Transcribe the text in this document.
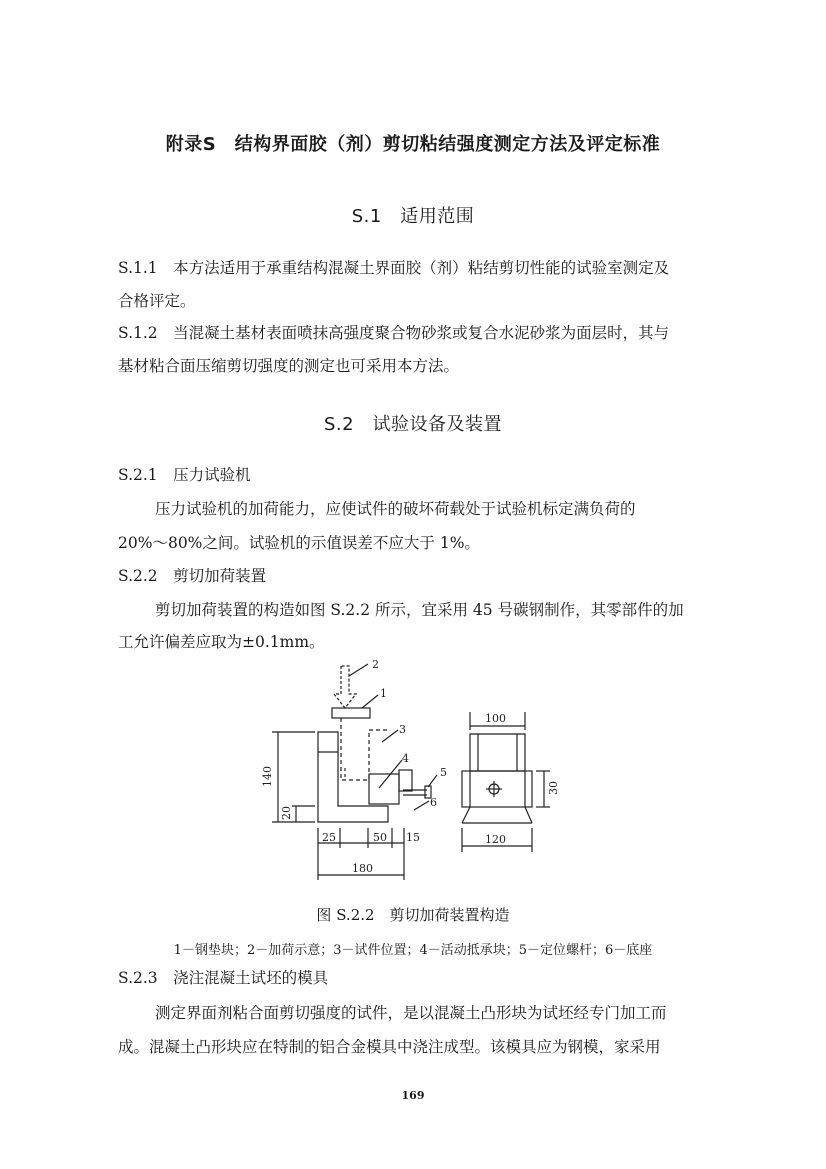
附录S　结构界面胶（剂）剪切粘结强度测定方法及评定标准
S.1　适用范围
S.1.1　 本方法适用于承重结构混凝土界面胶（剂）粘结剪切性能的试验室测定及
合格评定。
S.1.2　 当混凝土基材表面喷抹高强度聚合物砂浆或复合水泥砂浆为面层时，其与
基材粘合面压缩剪切强度的测定也可采用本方法。
S.2　试验设备及装置
S.2.1　 压力试验机
压力试验机的加荷能力，应使试件的破坏荷载处于试验机标定满负荷的
20%～80%之间。试验机的示值误差不应大于 1%。
S.2.2　 剪切加荷装置
剪切加荷装置的构造如图 S.2.2 所示，宜采用 45 号碳钢制作，其零部件的加
工允许偏差应取为±0.1mm。
2
1
3
4
5
6
140
20
25	50 15
180
100
120
30
图 S.2.2　剪切加荷装置构造
1－钢垫块；2－加荷示意；3－试件位置；4－活动抵承块；5－定位螺杆；6－底座
S.2.3　 浇注混凝土试坯的模具
测定界面剂粘合面剪切强度的试件，是以混凝土凸形块为试坯经专门加工而
成。混凝土凸形块应在特制的铝合金模具中浇注成型。该模具应为钢模，家采用
169
